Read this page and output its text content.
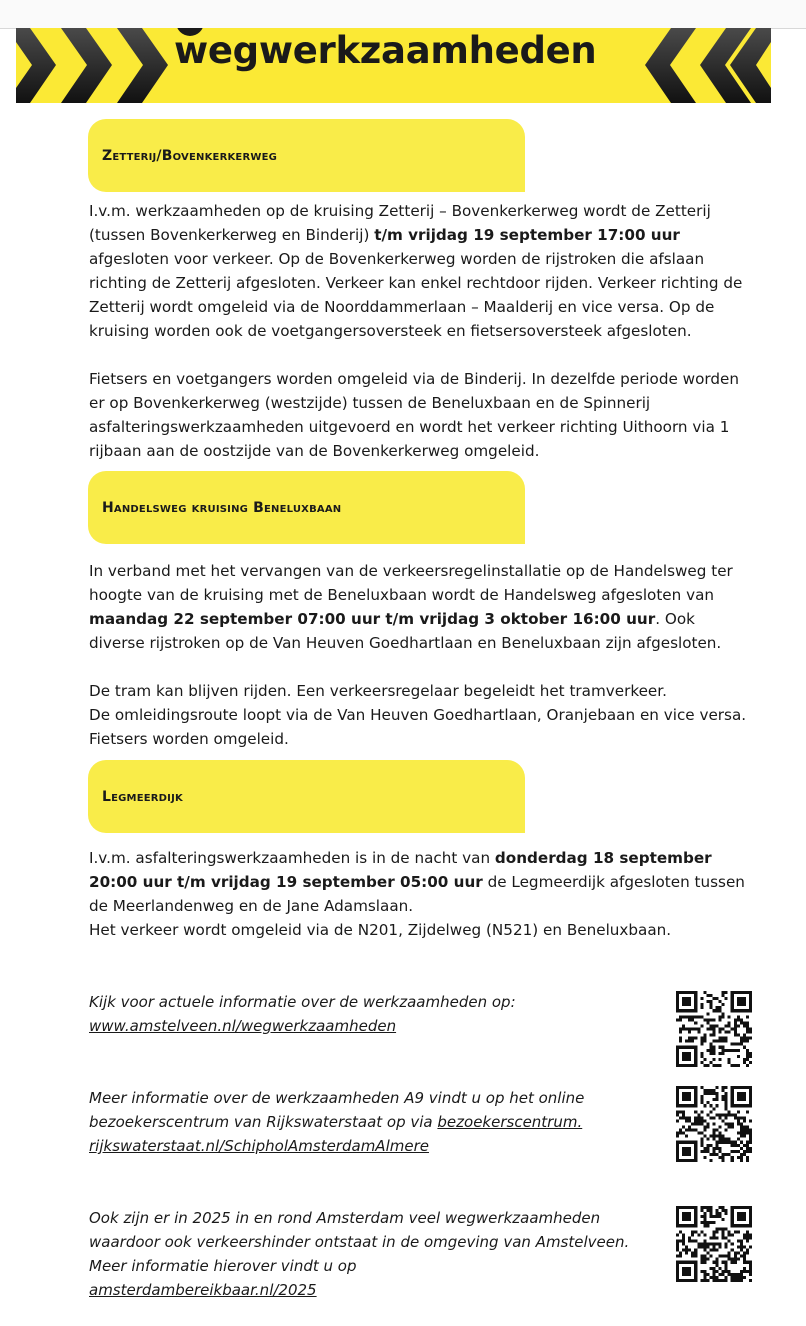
wegwerkzaamheden
Zetterij/Bovenkerkerweg

I.v.m. werkzaamheden op de kruising Zetterij – Bovenkerkerweg wordt de Zetterij (tussen Bovenkerkerweg en Binderij) t/m vrijdag 19 september 17:00 uur afgesloten voor verkeer. Op de Bovenkerkerweg worden de rijstroken die afslaan richting de Zetterij afgesloten. Verkeer kan enkel rechtdoor rijden. Verkeer richting de Zetterij wordt omgeleid via de Noorddammerlaan – Maalderij en vice versa. Op de kruising worden ook de voetgangersoversteek en fietsersoversteek afgesloten.

Fietsers en voetgangers worden omgeleid via de Binderij. In dezelfde periode worden er op Bovenkerkerweg (westzijde) tussen de Beneluxbaan en de Spinnerij asfalteringswerkzaamheden uitgevoerd en wordt het verkeer richting Uithoorn via 1 rijbaan aan de oostzijde van de Bovenkerkerweg omgeleid.

Handelsweg kruising Beneluxbaan

In verband met het vervangen van de verkeersregelinstallatie op de Handelsweg ter hoogte van de kruising met de Beneluxbaan wordt de Handelsweg afgesloten van maandag 22 september 07:00 uur t/m vrijdag 3 oktober 16:00 uur. Ook diverse rijstroken op de Van Heuven Goedhartlaan en Beneluxbaan zijn afgesloten.

De tram kan blijven rijden. Een verkeersregelaar begeleidt het tramverkeer.

De omleidingsroute loopt via de Van Heuven Goedhartlaan, Oranjebaan en vice versa. Fietsers worden omgeleid.

Legmeerdijk

I.v.m. asfalteringswerkzaamheden is in de nacht van donderdag 18 september 20:00 uur t/m vrijdag 19 september 05:00 uur de Legmeerdijk afgesloten tussen de Meerlandenweg en de Jane Adamslaan.

Het verkeer wordt omgeleid via de N201, Zijdelweg (N521) en Beneluxbaan.

Kijk voor actuele informatie over de werkzaamheden op:
www.amstelveen.nl/wegwerkzaamheden

Meer informatie over de werkzaamheden A9 vindt u op het online bezoekerscentrum van Rijkswaterstaat op via bezoekerscentrum. rijkswaterstaat.nl/SchipholAmsterdamAlmere

Ook zijn er in 2025 in en rond Amsterdam veel wegwerkzaamheden waardoor ook verkeershinder ontstaat in de omgeving van Amstelveen. Meer informatie hierover vindt u op
amsterdambereikbaar.nl/2025
